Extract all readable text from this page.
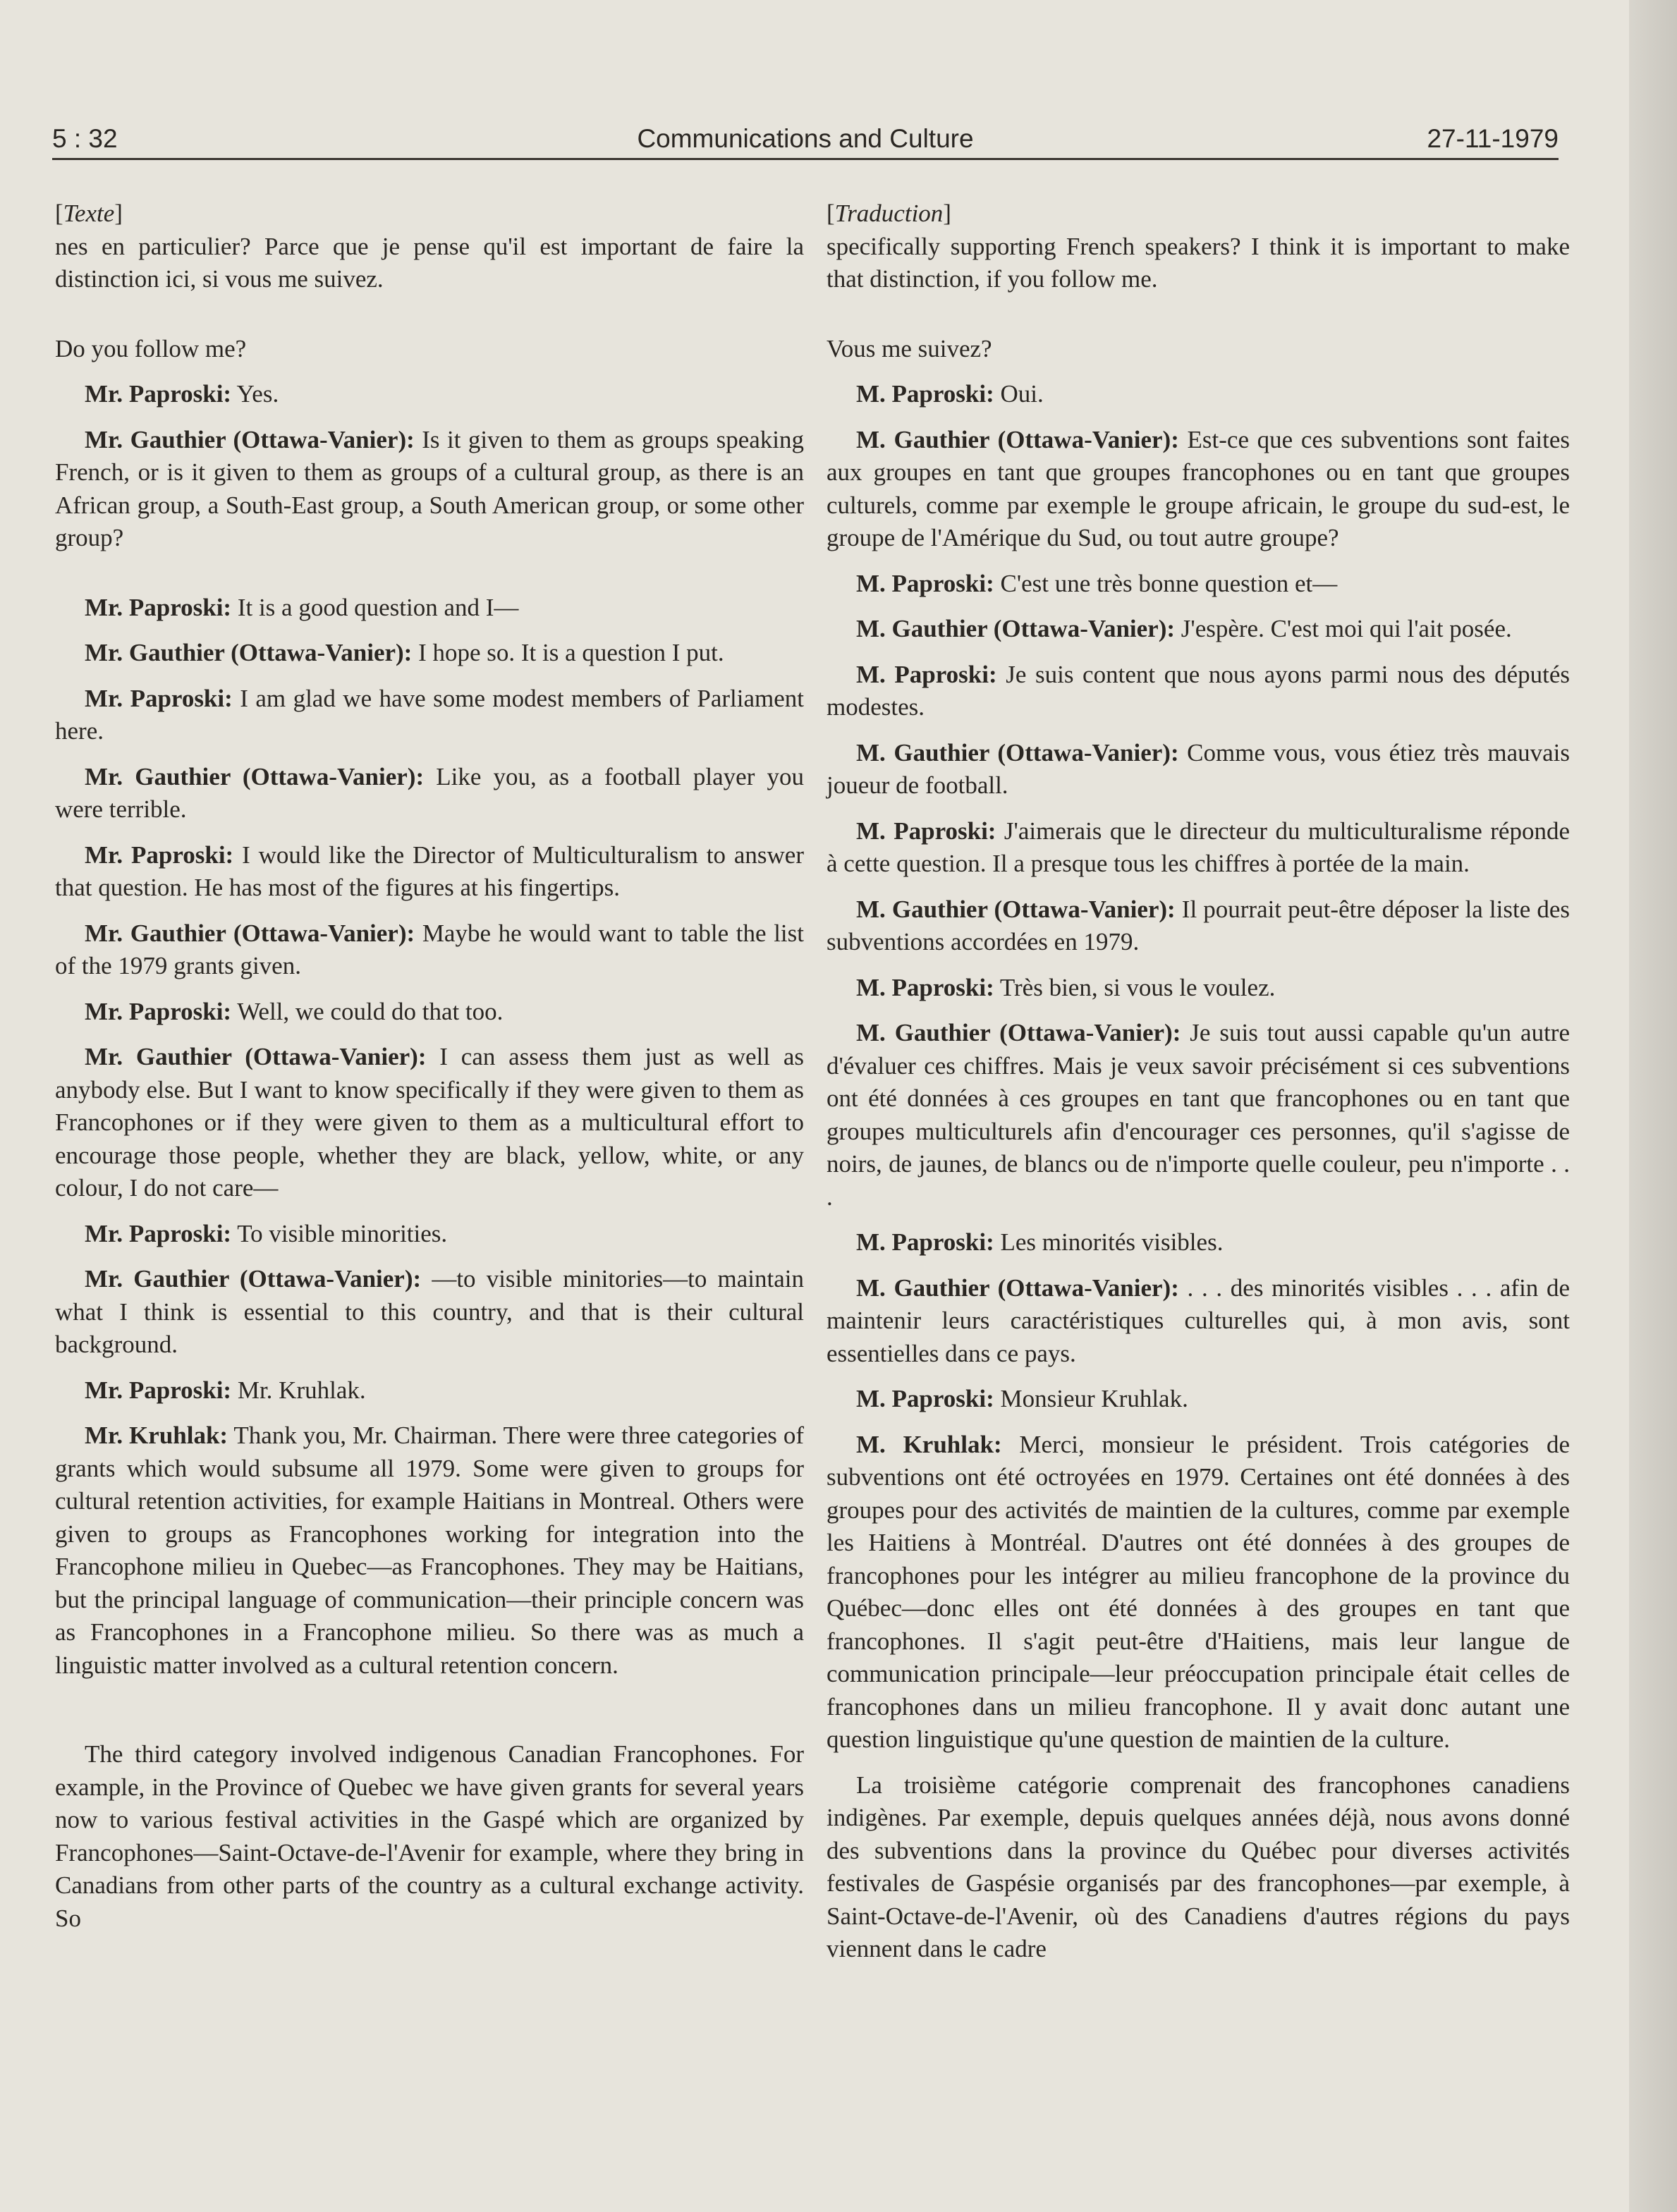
5 : 32	Communications and Culture	27-11-1979

[Texte]

nes en particulier? Parce que je pense qu'il est important de faire la distinction ici, si vous me suivez.

Do you follow me?

Mr. Paproski: Yes.

Mr. Gauthier (Ottawa-Vanier): Is it given to them as groups speaking French, or is it given to them as groups of a cultural group, as there is an African group, a South-East group, a South American group, or some other group?

Mr. Paproski: It is a good question and I—

Mr. Gauthier (Ottawa-Vanier): I hope so. It is a question I put.

Mr. Paproski: I am glad we have some modest members of Parliament here.

Mr. Gauthier (Ottawa-Vanier): Like you, as a football player you were terrible.

Mr. Paproski: I would like the Director of Multiculturalism to answer that question. He has most of the figures at his fingertips.

Mr. Gauthier (Ottawa-Vanier): Maybe he would want to table the list of the 1979 grants given.

Mr. Paproski: Well, we could do that too.

Mr. Gauthier (Ottawa-Vanier): I can assess them just as well as anybody else. But I want to know specifically if they were given to them as Francophones or if they were given to them as a multicultural effort to encourage those people, whether they are black, yellow, white, or any colour, I do not care—

Mr. Paproski: To visible minorities.

Mr. Gauthier (Ottawa-Vanier): —to visible minitories—to maintain what I think is essential to this country, and that is their cultural background.

Mr. Paproski: Mr. Kruhlak.

Mr. Kruhlak: Thank you, Mr. Chairman. There were three categories of grants which would subsume all 1979. Some were given to groups for cultural retention activities, for example Haitians in Montreal. Others were given to groups as Francophones working for integration into the Francophone milieu in Quebec—as Francophones. They may be Haitians, but the principal language of communication—their principle concern was as Francophones in a Francophone milieu. So there was as much a linguistic matter involved as a cultural retention concern.

The third category involved indigenous Canadian Francophones. For example, in the Province of Quebec we have given grants for several years now to various festival activities in the Gaspé which are organized by Francophones—Saint-Octave-de-l'Avenir for example, where they bring in Canadians from other parts of the country as a cultural exchange activity. So

[Traduction]

specifically supporting French speakers? I think it is important to make that distinction, if you follow me.

Vous me suivez?

M. Paproski: Oui.

M. Gauthier (Ottawa-Vanier): Est-ce que ces subventions sont faites aux groupes en tant que groupes francophones ou en tant que groupes culturels, comme par exemple le groupe africain, le groupe du sud-est, le groupe de l'Amérique du Sud, ou tout autre groupe?

M. Paproski: C'est une très bonne question et—

M. Gauthier (Ottawa-Vanier): J'espère. C'est moi qui l'ait posée.

M. Paproski: Je suis content que nous ayons parmi nous des députés modestes.

M. Gauthier (Ottawa-Vanier): Comme vous, vous étiez très mauvais joueur de football.

M. Paproski: J'aimerais que le directeur du multiculturalisme réponde à cette question. Il a presque tous les chiffres à portée de la main.

M. Gauthier (Ottawa-Vanier): Il pourrait peut-être déposer la liste des subventions accordées en 1979.

M. Paproski: Très bien, si vous le voulez.

M. Gauthier (Ottawa-Vanier): Je suis tout aussi capable qu'un autre d'évaluer ces chiffres. Mais je veux savoir précisément si ces subventions ont été données à ces groupes en tant que francophones ou en tant que groupes multiculturels afin d'encourager ces personnes, qu'il s'agisse de noirs, de jaunes, de blancs ou de n'importe quelle couleur, peu n'importe . . .

M. Paproski: Les minorités visibles.

M. Gauthier (Ottawa-Vanier): . . . des minorités visibles . . . afin de maintenir leurs caractéristiques culturelles qui, à mon avis, sont essentielles dans ce pays.

M. Paproski: Monsieur Kruhlak.

M. Kruhlak: Merci, monsieur le président. Trois catégories de subventions ont été octroyées en 1979. Certaines ont été données à des groupes pour des activités de maintien de la cultures, comme par exemple les Haitiens à Montréal. D'autres ont été données à des groupes de francophones pour les intégrer au milieu francophone de la province du Québec—donc elles ont été données à des groupes en tant que francophones. Il s'agit peut-être d'Haitiens, mais leur langue de communication principale—leur préoccupation principale était celles de francophones dans un milieu francophone. Il y avait donc autant une question linguistique qu'une question de maintien de la culture.

La troisième catégorie comprenait des francophones canadiens indigènes. Par exemple, depuis quelques années déjà, nous avons donné des subventions dans la province du Québec pour diverses activités festivales de Gaspésie organisés par des francophones—par exemple, à Saint-Octave-de-l'Avenir, où des Canadiens d'autres régions du pays viennent dans le cadre
